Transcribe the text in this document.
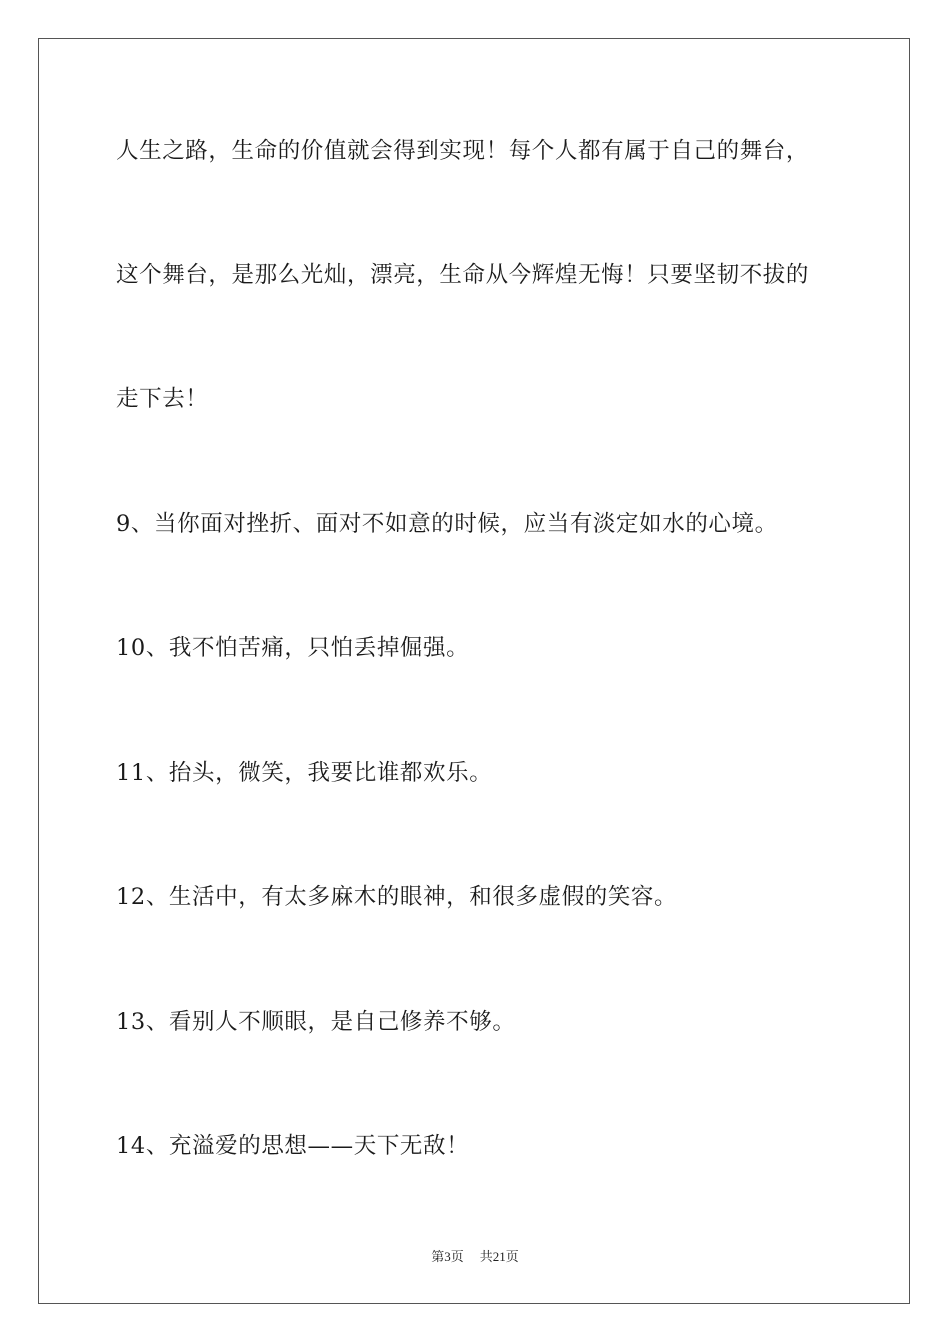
人生之路，生命的价值就会得到实现！每个人都有属于自己的舞台，

这个舞台，是那么光灿，漂亮，生命从今辉煌无悔！只要坚韧不拔的

走下去！

9、当你面对挫折、面对不如意的时候，应当有淡定如水的心境。

10、我不怕苦痛，只怕丢掉倔强。

11、抬头，微笑，我要比谁都欢乐。

12、生活中，有太多麻木的眼神，和很多虚假的笑容。

13、看别人不顺眼，是自己修养不够。

14、充溢爱的思想——天下无敌！

第3页 共21页
